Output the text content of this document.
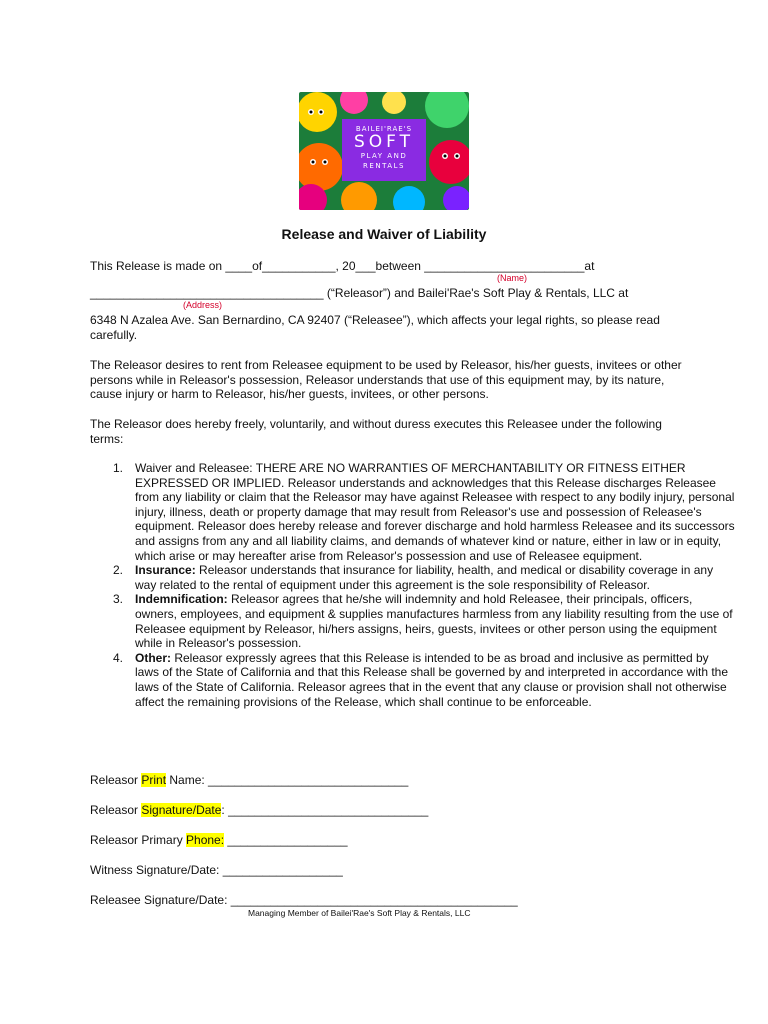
BAILEI'RAE'S
SOFT
PLAY AND
RENTALS
Release and Waiver of Liability
This Release is made on ____of___________, 20___between ________________________at
(Name)
___________________________________ (“Releasor”) and Bailei'Rae's Soft Play & Rentals, LLC at
(Address)
6348 N Azalea Ave. San Bernardino, CA 92407 (“Releasee”), which affects your legal rights, so please read carefully.
The Releasor desires to rent from Releasee equipment to be used by Releasor, his/her guests, invitees or other persons while in Releasor's possession, Releasor understands that use of this equipment may, by its nature, cause injury or harm to Releasor, his/her guests, invitees, or other persons.
The Releasor does hereby freely, voluntarily, and without duress executes this Releasee under the following terms:
1. Waiver and Releasee: THERE ARE NO WARRANTIES OF MERCHANTABILITY OR FITNESS EITHER EXPRESSED OR IMPLIED. Releasor understands and acknowledges that this Release discharges Releasee from any liability or claim that the Releasor may have against Releasee with respect to any bodily injury, personal injury, illness, death or property damage that may result from Releasor's use and possession of Releasee's equipment. Releasor does hereby release and forever discharge and hold harmless Releasee and its successors and assigns from any and all liability claims, and demands of whatever kind or nature, either in law or in equity, which arise or may hereafter arise from Releasor's possession and use of Releasee equipment.
2. Insurance: Releasor understands that insurance for liability, health, and medical or disability coverage in any way related to the rental of equipment under this agreement is the sole responsibility of Releasor.
3. Indemnification: Releasor agrees that he/she will indemnity and hold Releasee, their principals, officers, owners, employees, and equipment & supplies manufactures harmless from any liability resulting from the use of Releasee equipment by Releasor, hi/hers assigns, heirs, guests, invitees or other person using the equipment while in Releasor's possession.
4. Other: Releasor expressly agrees that this Release is intended to be as broad and inclusive as permitted by laws of the State of California and that this Release shall be governed by and interpreted in accordance with the laws of the State of California. Releasor agrees that in the event that any clause or provision shall not otherwise affect the remaining provisions of the Release, which shall continue to be enforceable.
Releasor Print Name: ______________________________
Releasor Signature/Date: ______________________________
Releasor Primary Phone: __________________
Witness Signature/Date: __________________
Releasee Signature/Date: ___________________________________________
Managing Member of Bailei'Rae's Soft Play & Rentals, LLC
